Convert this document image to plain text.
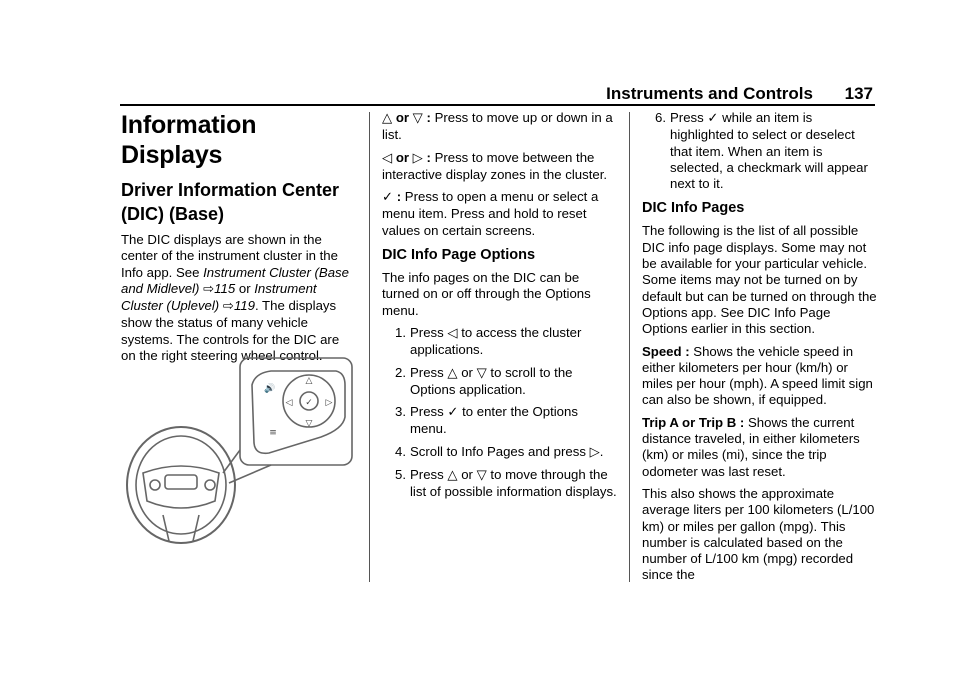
Instruments and Controls 137
Information Displays
Driver Information Center (DIC) (Base)

The DIC displays are shown in the center of the instrument cluster in the Info app. See Instrument Cluster (Base and Midlevel) ⇨115 or Instrument Cluster (Uplevel) ⇨119. The displays show the status of many vehicle systems. The controls for the DIC are on the right steering wheel control.

🔊
≡
△
▽
◁	▷
✓

△ or ▽ : Press to move up or down in a list.

◁ or ▷ : Press to move between the interactive display zones in the cluster.

✓ : Press to open a menu or select a menu item. Press and hold to reset values on certain screens.

DIC Info Page Options

The info pages on the DIC can be turned on or off through the Options menu.

1. Press ◁ to access the cluster applications.
2. Press △ or ▽ to scroll to the Options application.
3. Press ✓ to enter the Options menu.
4. Scroll to Info Pages and press ▷.
5. Press △ or ▽ to move through the list of possible information displays.
6. Press ✓ while an item is highlighted to select or deselect that item. When an item is selected, a checkmark will appear next to it.
DIC Info Pages

The following is the list of all possible DIC info page displays. Some may not be available for your particular vehicle. Some items may not be turned on by default but can be turned on through the Options app. See DIC Info Page Options earlier in this section.

Speed : Shows the vehicle speed in either kilometers per hour (km/h) or miles per hour (mph). A speed limit sign can also be shown, if equipped.

Trip A or Trip B : Shows the current distance traveled, in either kilometers (km) or miles (mi), since the trip odometer was last reset.

This also shows the approximate average liters per 100 kilometers (L/100 km) or miles per gallon (mpg). This number is calculated based on the number of L/100 km (mpg) recorded since the
